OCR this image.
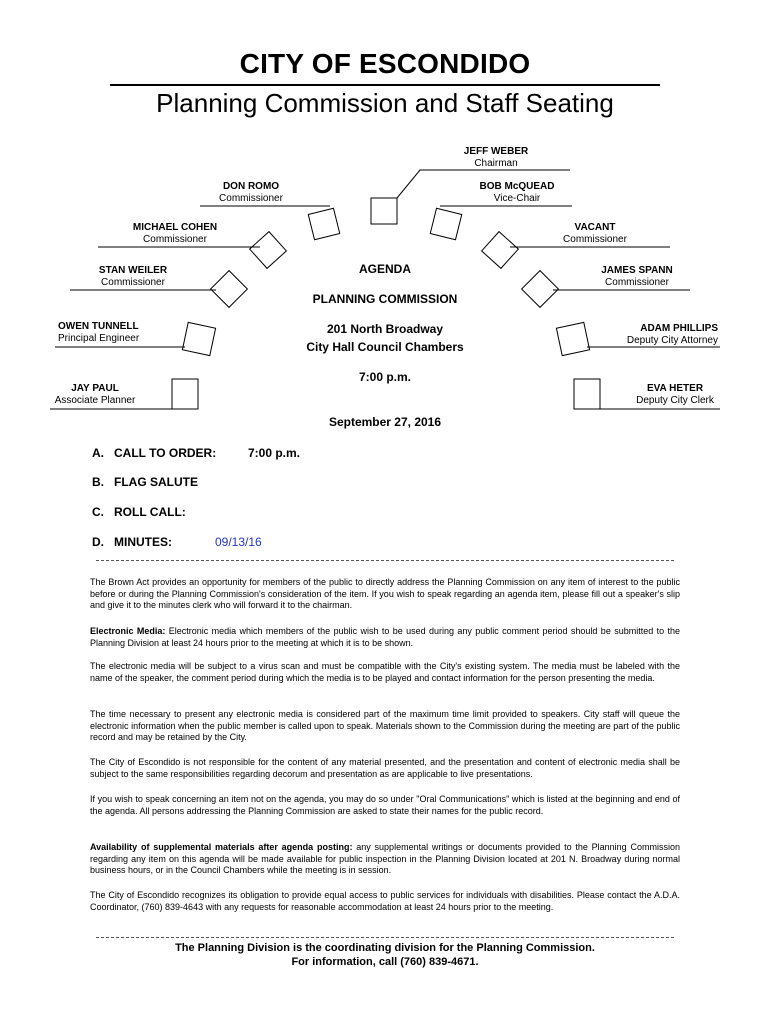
CITY OF ESCONDIDO
Planning Commission and Staff Seating
JEFF WEBER
Chairman
DON ROMO
Commissioner
BOB McQUEAD
Vice-Chair
MICHAEL COHEN
Commissioner
VACANT
Commissioner
STAN WEILER
Commissioner
JAMES SPANN
Commissioner
OWEN TUNNELL
Principal Engineer
ADAM PHILLIPS
Deputy City Attorney
JAY PAUL
Associate Planner
EVA HETER
Deputy City Clerk
AGENDA
PLANNING COMMISSION
201 North Broadway
City Hall Council Chambers
7:00 p.m.
September 27, 2016
A. CALL TO ORDER:	7:00 p.m.
B. FLAG SALUTE
C. ROLL CALL:
D. MINUTES:	09/13/16
The Brown Act provides an opportunity for members of the public to directly address the Planning Commission on any item of interest to the public before or during the Planning Commission's consideration of the item. If you wish to speak regarding an agenda item, please fill out a speaker's slip and give it to the minutes clerk who will forward it to the chairman.
Electronic Media: Electronic media which members of the public wish to be used during any public comment period should be submitted to the Planning Division at least 24 hours prior to the meeting at which it is to be shown.
The electronic media will be subject to a virus scan and must be compatible with the City's existing system. The media must be labeled with the name of the speaker, the comment period during which the media is to be played and contact information for the person presenting the media.
The time necessary to present any electronic media is considered part of the maximum time limit provided to speakers. City staff will queue the electronic information when the public member is called upon to speak. Materials shown to the Commission during the meeting are part of the public record and may be retained by the City.
The City of Escondido is not responsible for the content of any material presented, and the presentation and content of electronic media shall be subject to the same responsibilities regarding decorum and presentation as are applicable to live presentations.
If you wish to speak concerning an item not on the agenda, you may do so under "Oral Communications" which is listed at the beginning and end of the agenda. All persons addressing the Planning Commission are asked to state their names for the public record.
Availability of supplemental materials after agenda posting: any supplemental writings or documents provided to the Planning Commission regarding any item on this agenda will be made available for public inspection in the Planning Division located at 201 N. Broadway during normal business hours, or in the Council Chambers while the meeting is in session.
The City of Escondido recognizes its obligation to provide equal access to public services for individuals with disabilities. Please contact the A.D.A. Coordinator, (760) 839-4643 with any requests for reasonable accommodation at least 24 hours prior to the meeting.
The Planning Division is the coordinating division for the Planning Commission.
For information, call (760) 839-4671.
